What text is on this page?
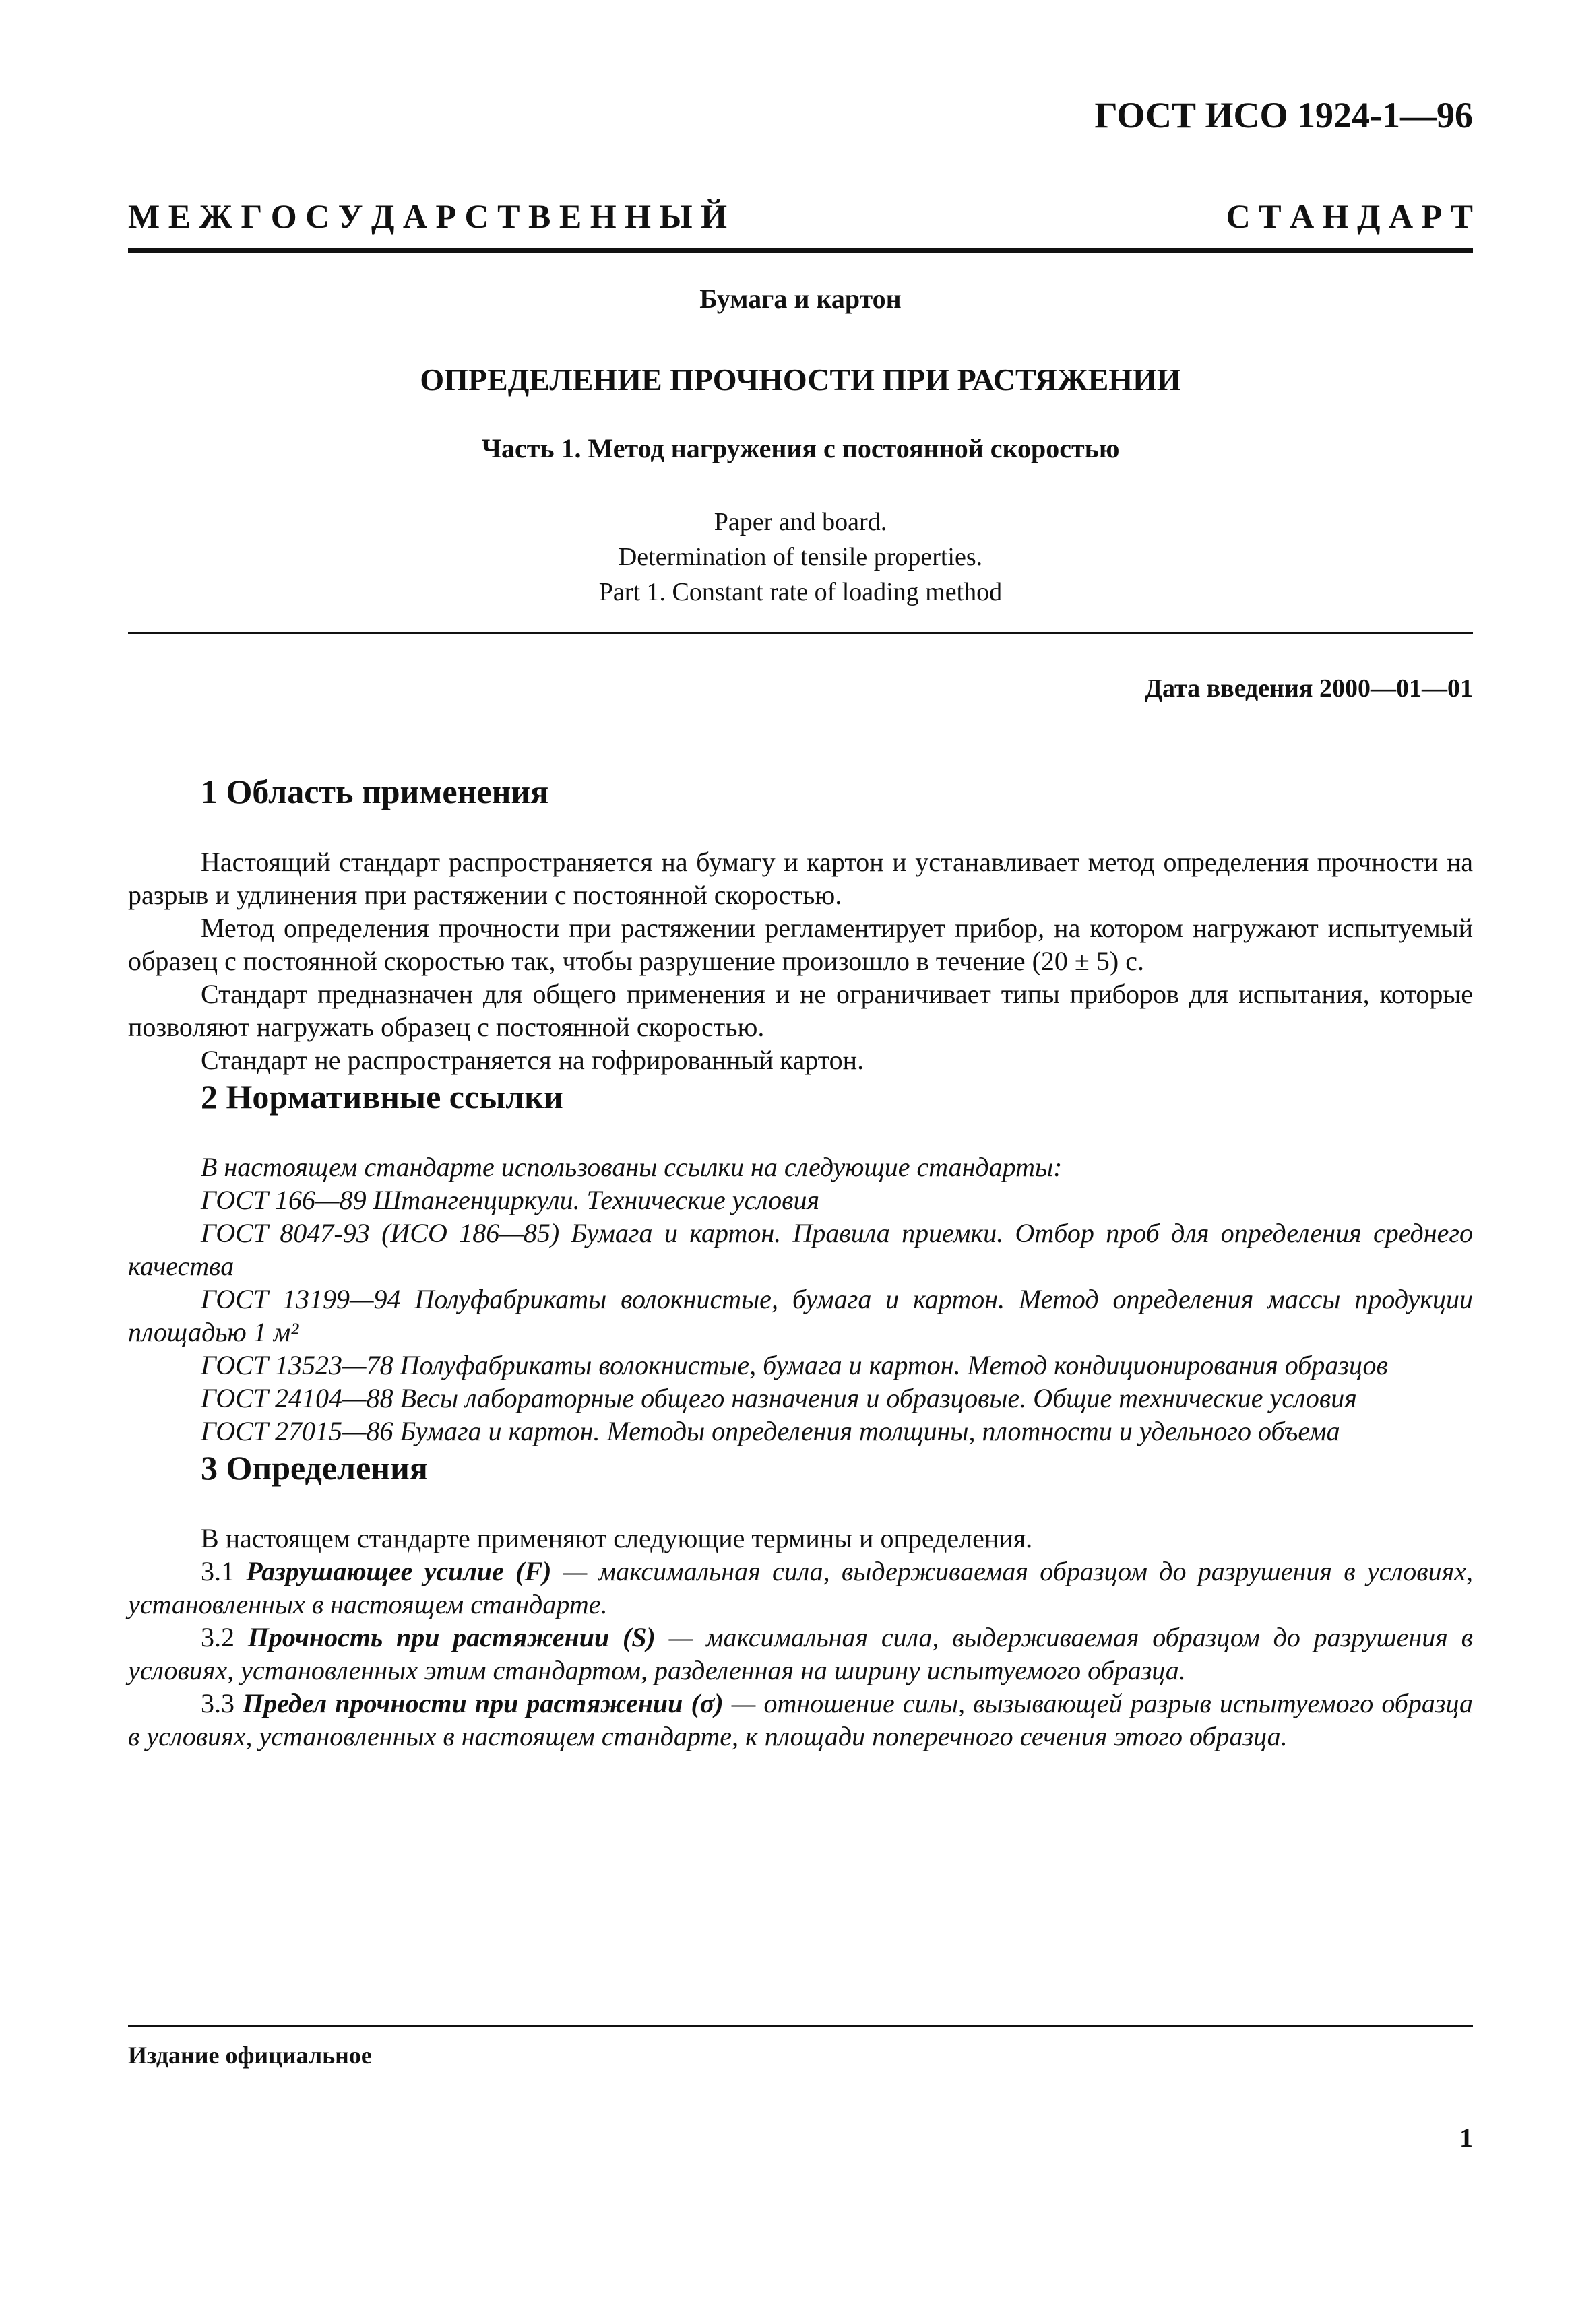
ГОСТ ИСО 1924-1—96
М Е Ж Г О С У Д А Р С Т В Е Н Н Ы Й	С Т А Н Д А Р Т
Бумага и картон
ОПРЕДЕЛЕНИЕ ПРОЧНОСТИ ПРИ РАСТЯЖЕНИИ
Часть 1. Метод нагружения с постоянной скоростью
Paper and board.
Determination of tensile properties.
Part 1. Constant rate of loading method
Дата введения 2000—01—01
1 Область применения

Настоящий стандарт распространяется на бумагу и картон и устанавливает метод определения прочности на разрыв и удлинения при растяжении с постоянной скоростью.

Метод определения прочности при растяжении регламентирует прибор, на котором нагружают испытуемый образец с постоянной скоростью так, чтобы разрушение произошло в течение (20 ± 5) с.

Стандарт предназначен для общего применения и не ограничивает типы приборов для испытания, которые позволяют нагружать образец с постоянной скоростью.

Стандарт не распространяется на гофрированный картон.

2 Нормативные ссылки

В настоящем стандарте использованы ссылки на следующие стандарты:

ГОСТ 166—89 Штангенциркули. Технические условия

ГОСТ 8047-93 (ИСО 186—85) Бумага и картон. Правила приемки. Отбор проб для определения среднего качества

ГОСТ 13199—94 Полуфабрикаты волокнистые, бумага и картон. Метод определения массы продукции площадью 1 м²

ГОСТ 13523—78 Полуфабрикаты волокнистые, бумага и картон. Метод кондиционирования образцов

ГОСТ 24104—88 Весы лабораторные общего назначения и образцовые. Общие технические условия

ГОСТ 27015—86 Бумага и картон. Методы определения толщины, плотности и удельного объема

3 Определения

В настоящем стандарте применяют следующие термины и определения.

3.1 Разрушающее усилие (F) — максимальная сила, выдерживаемая образцом до разрушения в условиях, установленных в настоящем стандарте.

3.2 Прочность при растяжении (S) — максимальная сила, выдерживаемая образцом до разрушения в условиях, установленных этим стандартом, разделенная на ширину испытуемого образца.

3.3 Предел прочности при растяжении (σ) — отношение силы, вызывающей разрыв испытуемого образца в условиях, установленных в настоящем стандарте, к площади поперечного сечения этого образца.

Издание официальное
1
